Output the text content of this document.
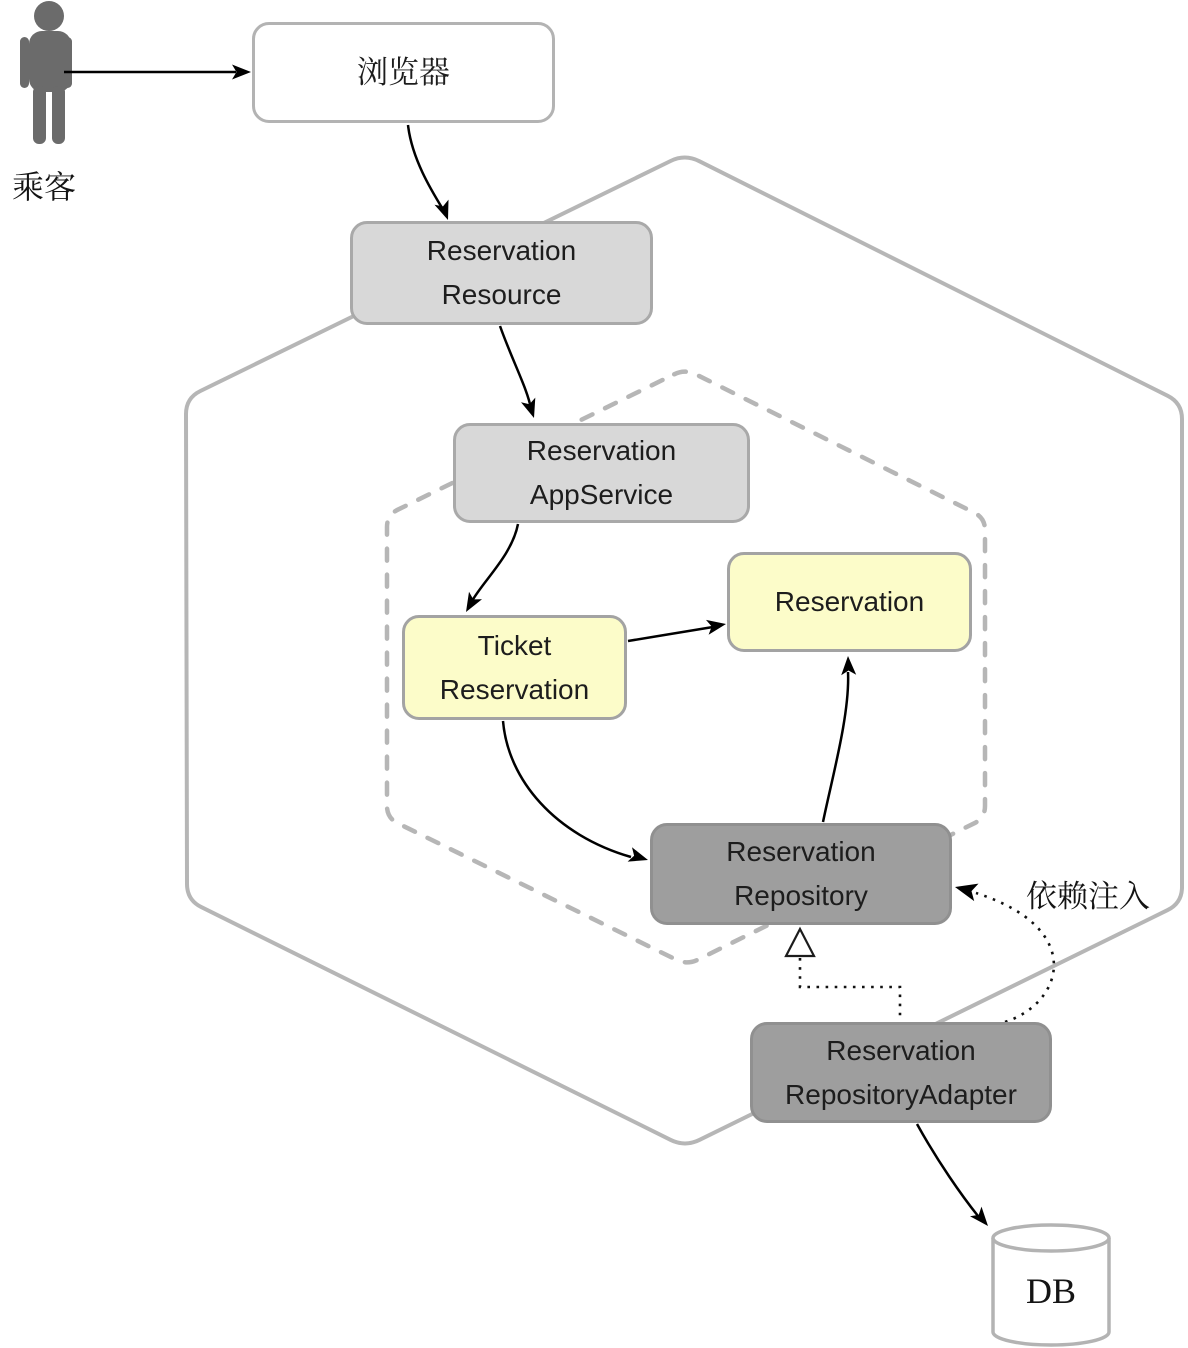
浏览器
Reservation
Resource
Reservation
AppService
Ticket
Reservation
Reservation
Reservation
Repository
Reservation
RepositoryAdapter
乘客
依赖注入
DB
